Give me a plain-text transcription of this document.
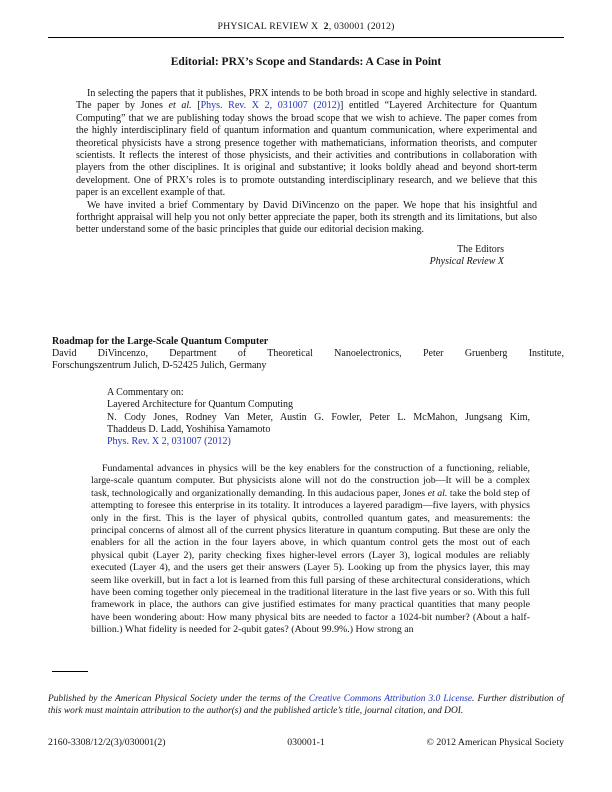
PHYSICAL REVIEW X 2, 030001 (2012)
Editorial: PRX’s Scope and Standards: A Case in Point

In selecting the papers that it publishes, PRX intends to be both broad in scope and highly selective in standard. The paper by Jones et al. [Phys. Rev. X 2, 031007 (2012)] entitled “Layered Architecture for Quantum Computing” that we are publishing today shows the broad scope that we wish to achieve. The paper comes from the highly interdisciplinary field of quantum information and quantum communication, where experimental and theoretical physicists have a strong presence together with mathematicians, information theorists, and computer scientists. It reflects the interest of those physicists, and their activities and contributions in collaboration with players from the other disciplines. It is original and substantive; it looks boldly ahead and beyond short-term development. One of PRX’s roles is to promote outstanding interdisciplinary research, and we believe that this paper is an excellent example of that.

We have invited a brief Commentary by David DiVincenzo on the paper. We hope that his insightful and forthright appraisal will help you not only better appreciate the paper, both its strength and its limitations, but also better understand some of the basic principles that guide our editorial decision making.

The Editors
Physical Review X
Roadmap for the Large-Scale Quantum Computer
David DiVincenzo, Department of Theoretical Nanoelectronics, Peter Gruenberg Institute,
Forschungszentrum Julich, D-52425 Julich, Germany
A Commentary on:
Layered Architecture for Quantum Computing
N. Cody Jones, Rodney Van Meter, Austin G. Fowler, Peter L. McMahon, Jungsang Kim,
Thaddeus D. Ladd, Yoshihisa Yamamoto
Phys. Rev. X 2, 031007 (2012)
Fundamental advances in physics will be the key enablers for the construction of a functioning, reliable, large-scale quantum computer. But physicists alone will not do the construction job—It will be a complex task, technologically and organizationally demanding. In this audacious paper, Jones et al. take the bold step of attempting to foresee this enterprise in its totality. It introduces a layered paradigm—five layers, with physics only in the first. This is the layer of physical qubits, controlled quantum gates, and measurements: the principal concerns of almost all of the current physics literature in quantum computing. But these are only the enablers for all the action in the four layers above, in which quantum control gets the most out of each physical qubit (Layer 2), parity checking fixes higher-level errors (Layer 3), logical modules are reliably executed (Layer 4), and the users get their answers (Layer 5). Looking up from the physics layer, this may seem like overkill, but in fact a lot is learned from this full parsing of these architectural considerations, which have been coming together only piecemeal in the traditional literature in the last five years or so. With this full framework in place, the authors can give justified estimates for many practical quantities that many people have been wondering about: How many physical bits are needed to factor a 1024-bit number? (About a half-billion.) What fidelity is needed for 2-qubit gates? (About 99.9%.) How strong an
Published by the American Physical Society under the terms of the Creative Commons Attribution 3.0 License. Further distribution of this work must maintain attribution to the author(s) and the published article’s title, journal citation, and DOI.
2160-3308/12/2(3)/030001(2)	030001-1	© 2012 American Physical Society
